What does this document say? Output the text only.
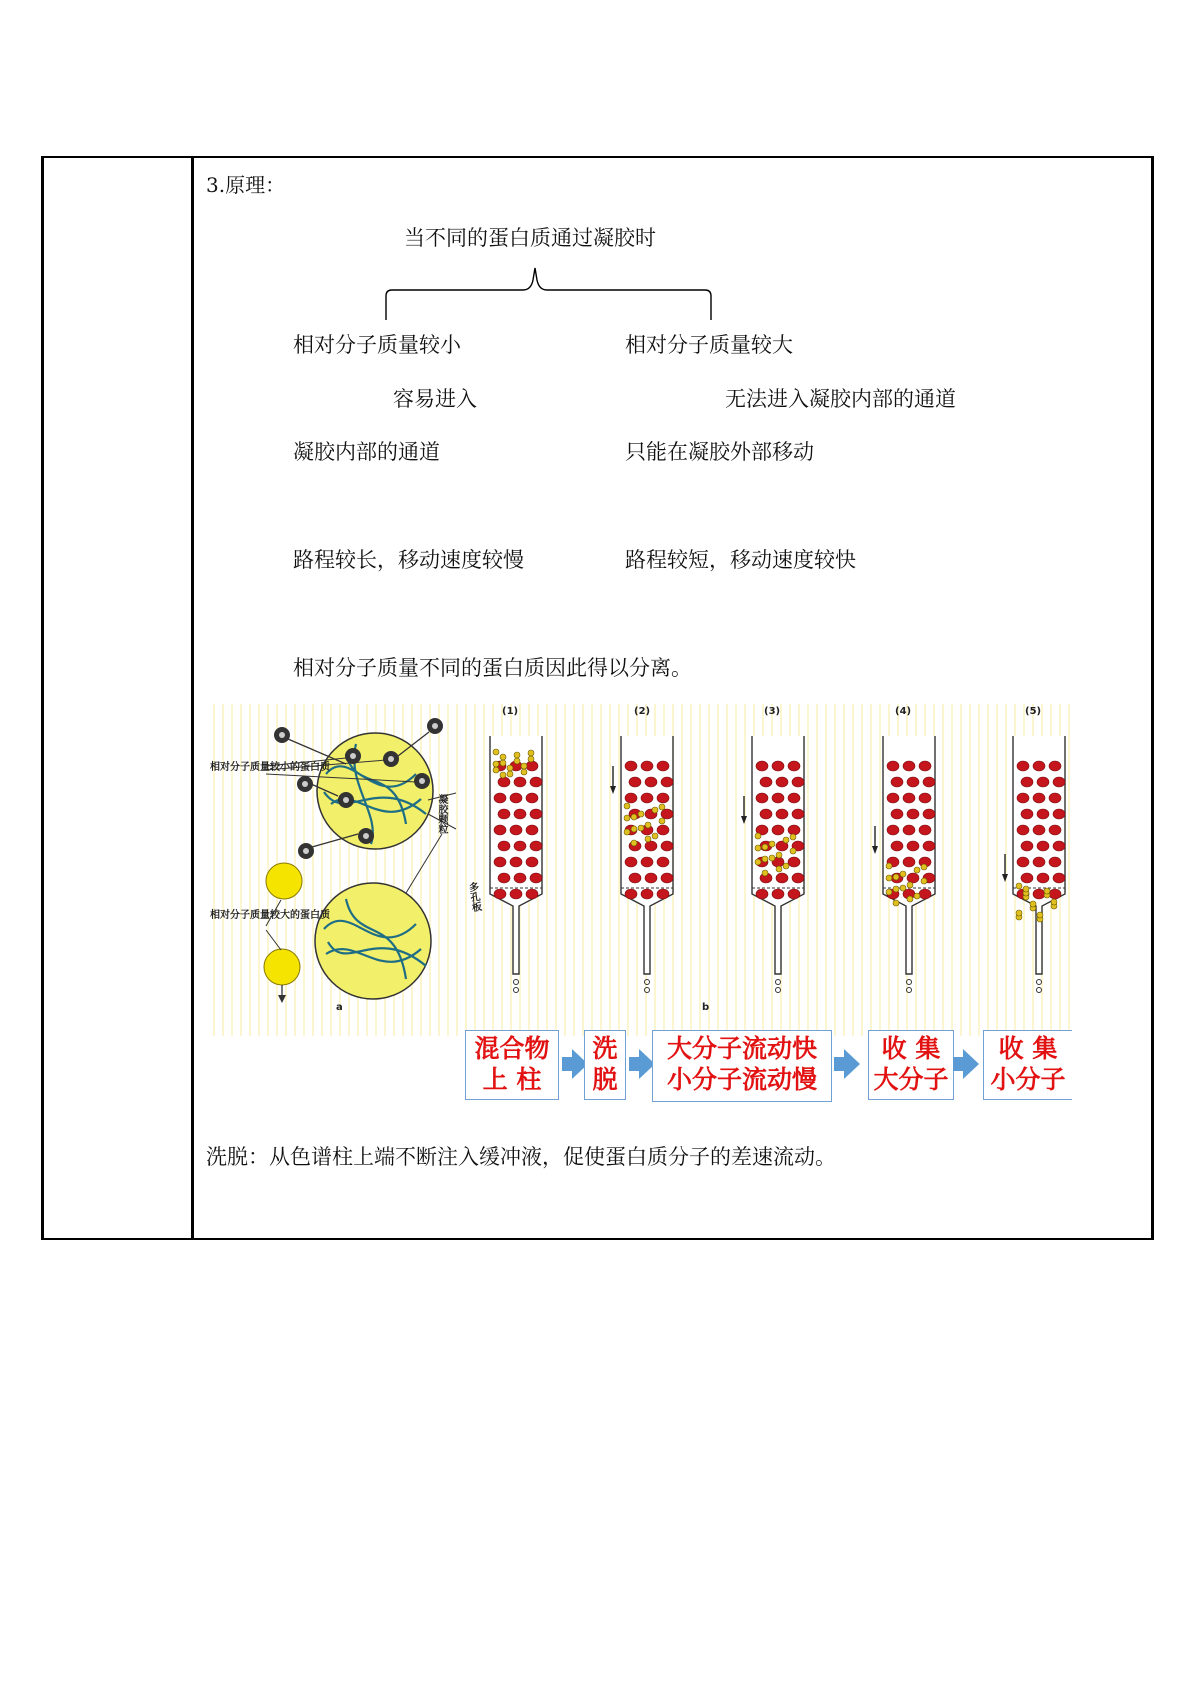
3.原理：
当不同的蛋白质通过凝胶时
相对分子质量较小	相对分子质量较大
容易进入	无法进入凝胶内部的通道
凝胶内部的通道	只能在凝胶外部移动
路程较长，移动速度较慢	路程较短，移动速度较快
相对分子质量不同的蛋白质因此得以分离。
相对分子质量较小的蛋白质
相对分子质量较大的蛋白质
凝胶颗粒
多孔板
a	b
(1)	(2)	(3)	(4)	(5)
混合物
上 柱
洗
脱
大分子流动快
小分子流动慢
收 集
大分子
收 集
小分子
洗脱：从色谱柱上端不断注入缓冲液，促使蛋白质分子的差速流动。
